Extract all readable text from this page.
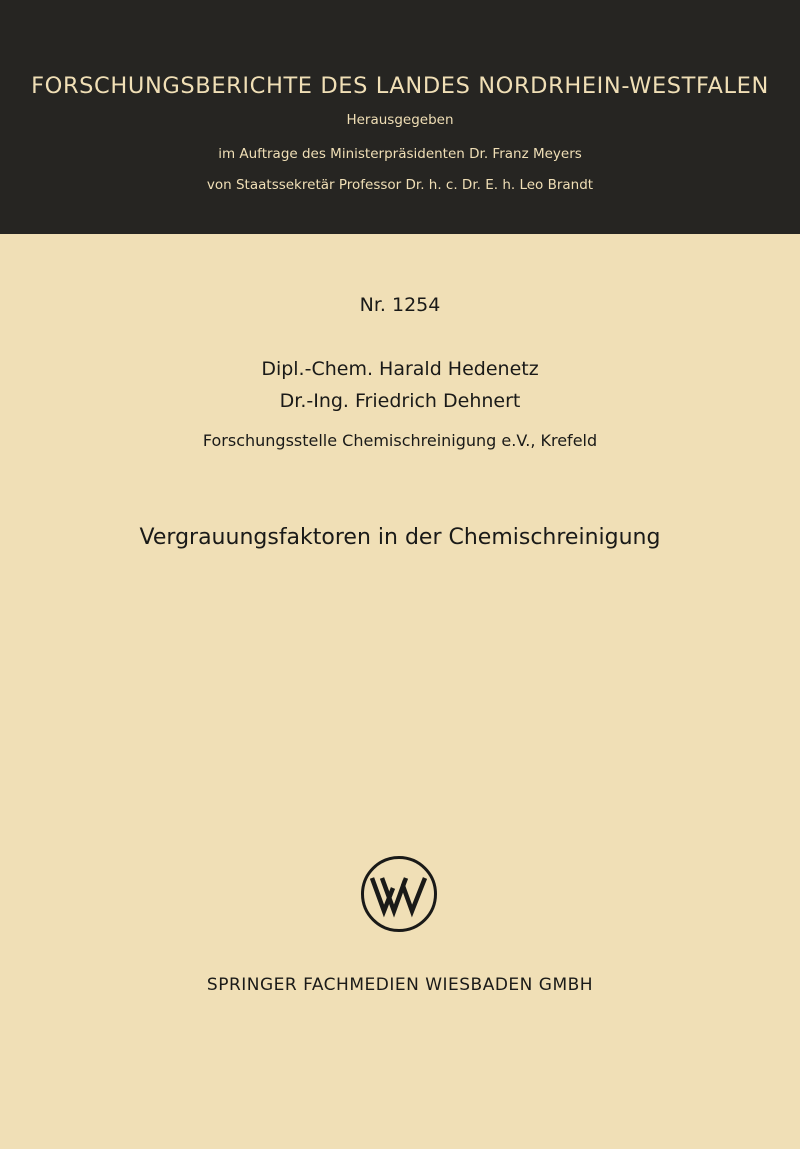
FORSCHUNGSBERICHTE DES LANDES NORDRHEIN-WESTFALEN
Herausgegeben
im Auftrage des Ministerpräsidenten Dr. Franz Meyers
von Staatssekretär Professor Dr. h. c. Dr. E. h. Leo Brandt
Nr. 1254
Dipl.-Chem. Harald Hedenetz
Dr.-Ing. Friedrich Dehnert
Forschungsstelle Chemischreinigung e.V., Krefeld
Vergrauungsfaktoren in der Chemischreinigung
SPRINGER FACHMEDIEN WIESBADEN GMBH
